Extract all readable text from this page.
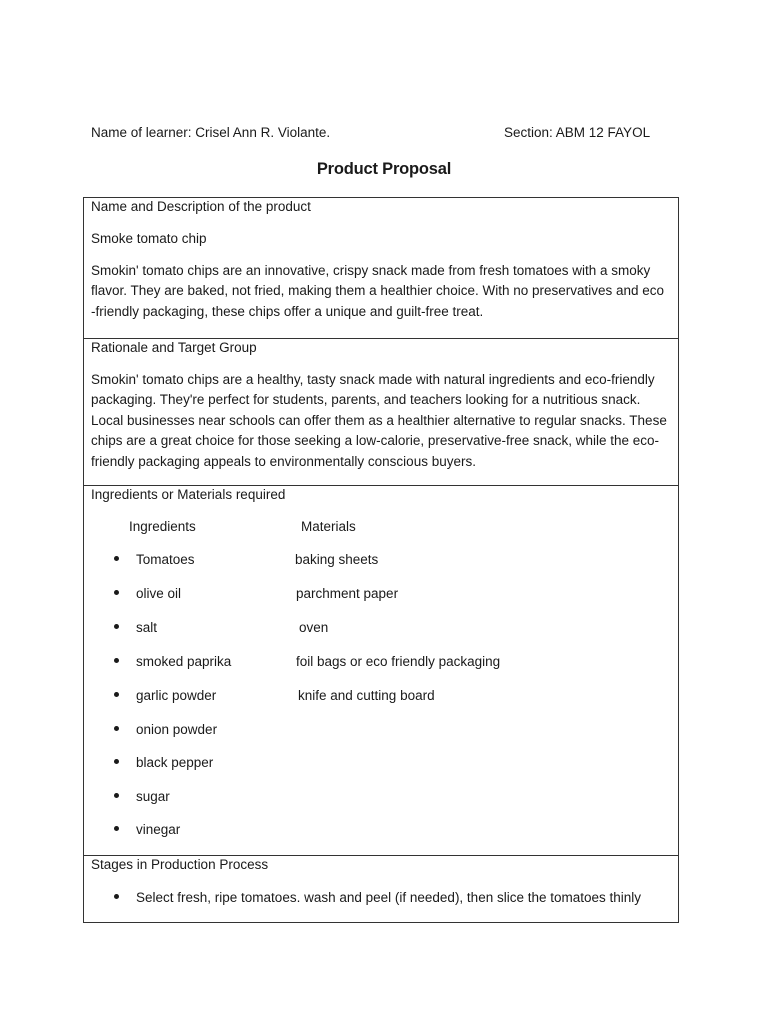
Name of learner: Crisel Ann R. Violante.	Section: ABM 12 FAYOL
Product Proposal
Name and Description of the product
Smoke tomato chip
Smokin' tomato chips are an innovative, crispy snack made from fresh tomatoes with a smoky flavor. They are baked, not fried, making them a healthier choice. With no preservatives and eco -friendly packaging, these chips offer a unique and guilt-free treat.
Rationale and Target Group
Smokin' tomato chips are a healthy, tasty snack made with natural ingredients and eco-friendly packaging. They're perfect for students, parents, and teachers looking for a nutritious snack. Local businesses near schools can offer them as a healthier alternative to regular snacks. These chips are a great choice for those seeking a low-calorie, preservative-free snack, while the eco-friendly packaging appeals to environmentally conscious buyers.
Ingredients or Materials required
Ingredients	Materials
Tomatoes	baking sheets
olive oil	parchment paper
salt	oven
smoked paprika	foil bags or eco friendly packaging
garlic powder	knife and cutting board
onion powder
black pepper
sugar
vinegar
Stages in Production Process
Select fresh, ripe tomatoes. wash and peel (if needed), then slice the tomatoes thinly
